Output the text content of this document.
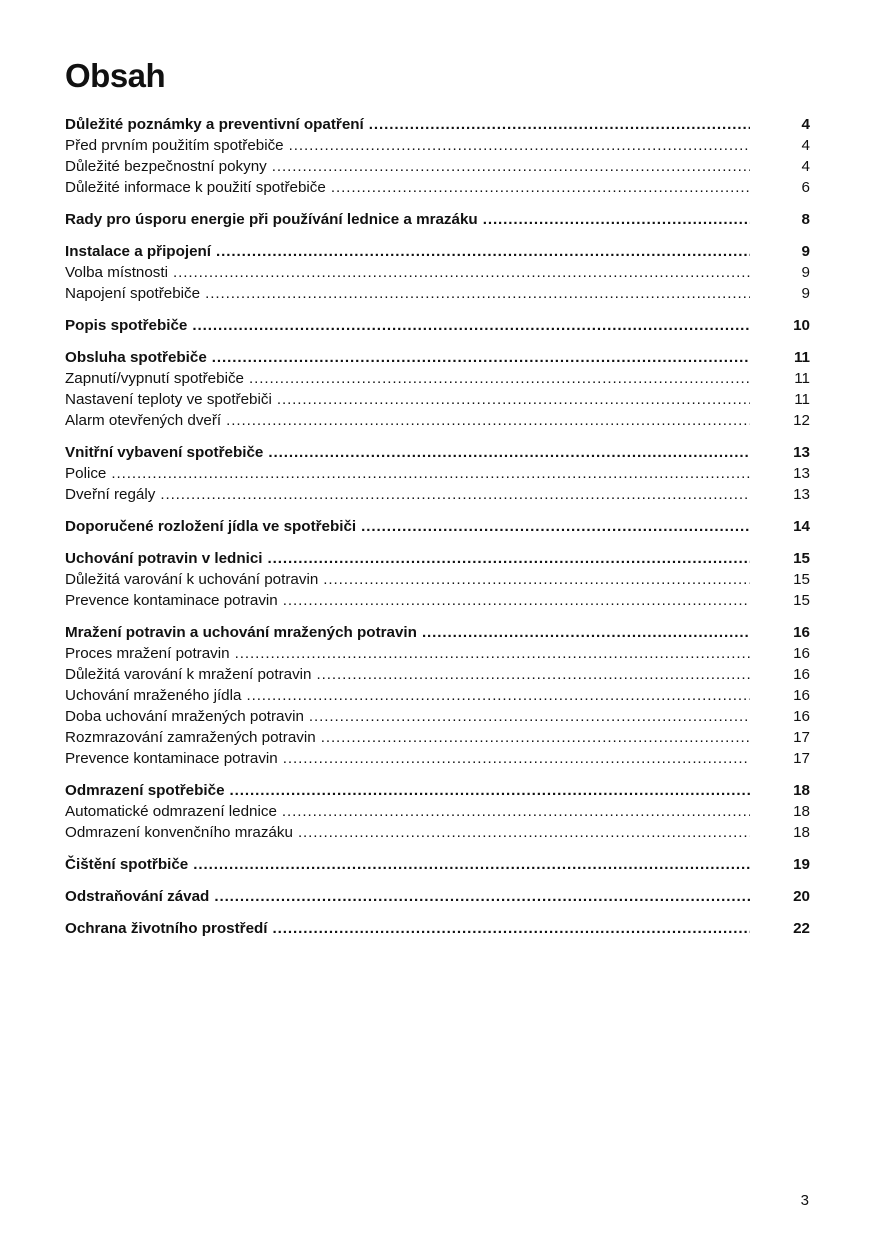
Obsah
Důležité poznámky a preventivní opatření .....	4
Před prvním použitím spotřebiče .....	4
Důležité bezpečnostní pokyny .....	4
Důležité informace k použití spotřebiče .....	6
Rady pro úsporu energie při používání lednice a mrazáku .....	8
Instalace a připojení .....	9
Volba místnosti .....	9
Napojení spotřebiče .....	9
Popis spotřebiče .....	10
Obsluha spotřebiče .....	11
Zapnutí/vypnutí spotřebiče .....	11
Nastavení teploty ve spotřebiči .....	11
Alarm otevřených dveří .....	12
Vnitřní vybavení spotřebiče .....	13
Police .....	13
Dveřní regály .....	13
Doporučené rozložení jídla ve spotřebiči .....	14
Uchování potravin v lednici .....	15
Důležitá varování k uchování potravin .....	15
Prevence kontaminace potravin .....	15
Mražení potravin a uchování mražených potravin .....	16
Proces mražení potravin .....	16
Důležitá varování k mražení potravin .....	16
Uchování mraženého jídla .....	16
Doba uchování mražených potravin .....	16
Rozmrazování zamražených potravin .....	17
Prevence kontaminace potravin .....	17
Odmrazení spotřebiče .....	18
Automatické odmrazení lednice .....	18
Odmrazení konvenčního mrazáku .....	18
Čištění spotřbiče .....	19
Odstraňování závad .....	20
Ochrana životního prostředí .....	22
3
